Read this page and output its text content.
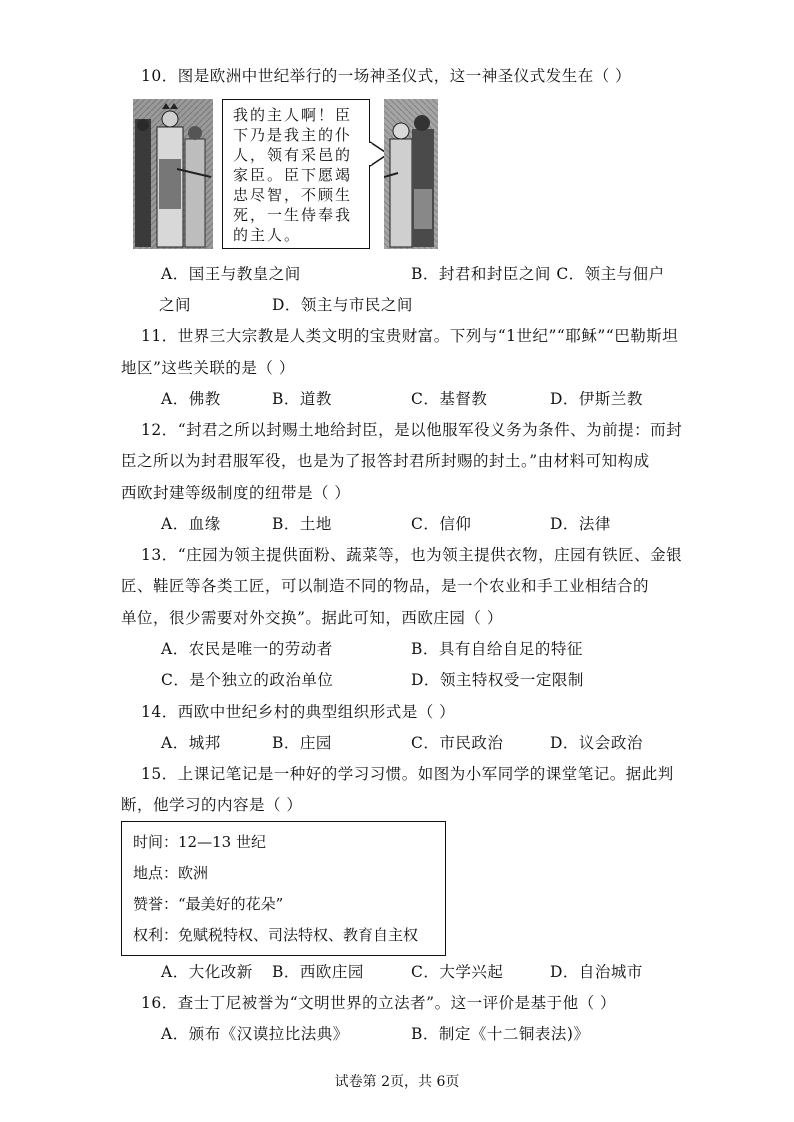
10．图是欧洲中世纪举行的一场神圣仪式，这一神圣仪式发生在（ ）
我的主人啊！臣
下乃是我主的仆
人，领有采邑的
家臣。臣下愿竭
忠尽智，不顾生
死，一生侍奉我
的主人。
A．国王与教皇之间	B．封君和封臣之间 C．领主与佃户
之间	D．领主与市民之间
11．世界三大宗教是人类文明的宝贵财富。下列与“1世纪”“耶稣”“巴勒斯坦
地区”这些关联的是（ ）
A．佛教	B．道教	C．基督教	D．伊斯兰教
12．“封君之所以封赐土地给封臣，是以他服军役义务为条件、为前提：而封
臣之所以为封君服军役，也是为了报答封君所封赐的封土。”由材料可知构成
西欧封建等级制度的纽带是（ ）
A．血缘	B．土地	C．信仰	D．法律
13．“庄园为领主提供面粉、蔬菜等，也为领主提供衣物，庄园有铁匠、金银
匠、鞋匠等各类工匠，可以制造不同的物品，是一个农业和手工业相结合的
单位，很少需要对外交换”。据此可知，西欧庄园（ ）
A．农民是唯一的劳动者	B．具有自给自足的特征
C．是个独立的政治单位	D．领主特权受一定限制
14．西欧中世纪乡村的典型组织形式是（ ）
A．城邦	B．庄园	C．市民政治	D．议会政治
15．上课记笔记是一种好的学习习惯。如图为小军同学的课堂笔记。据此判
断，他学习的内容是（ ）
时间：12—13 世纪
地点：欧洲
赞誉：“最美好的花朵”
权利：免赋税特权、司法特权、教育自主权
A．大化改新 B．西欧庄园	C．大学兴起	D．自治城市
16．查士丁尼被誉为“文明世界的立法者”。这一评价是基于他（ ）
A．颁布《汉谟拉比法典》	B．制定《十二铜表法)》
试卷第 2页，共 6页
